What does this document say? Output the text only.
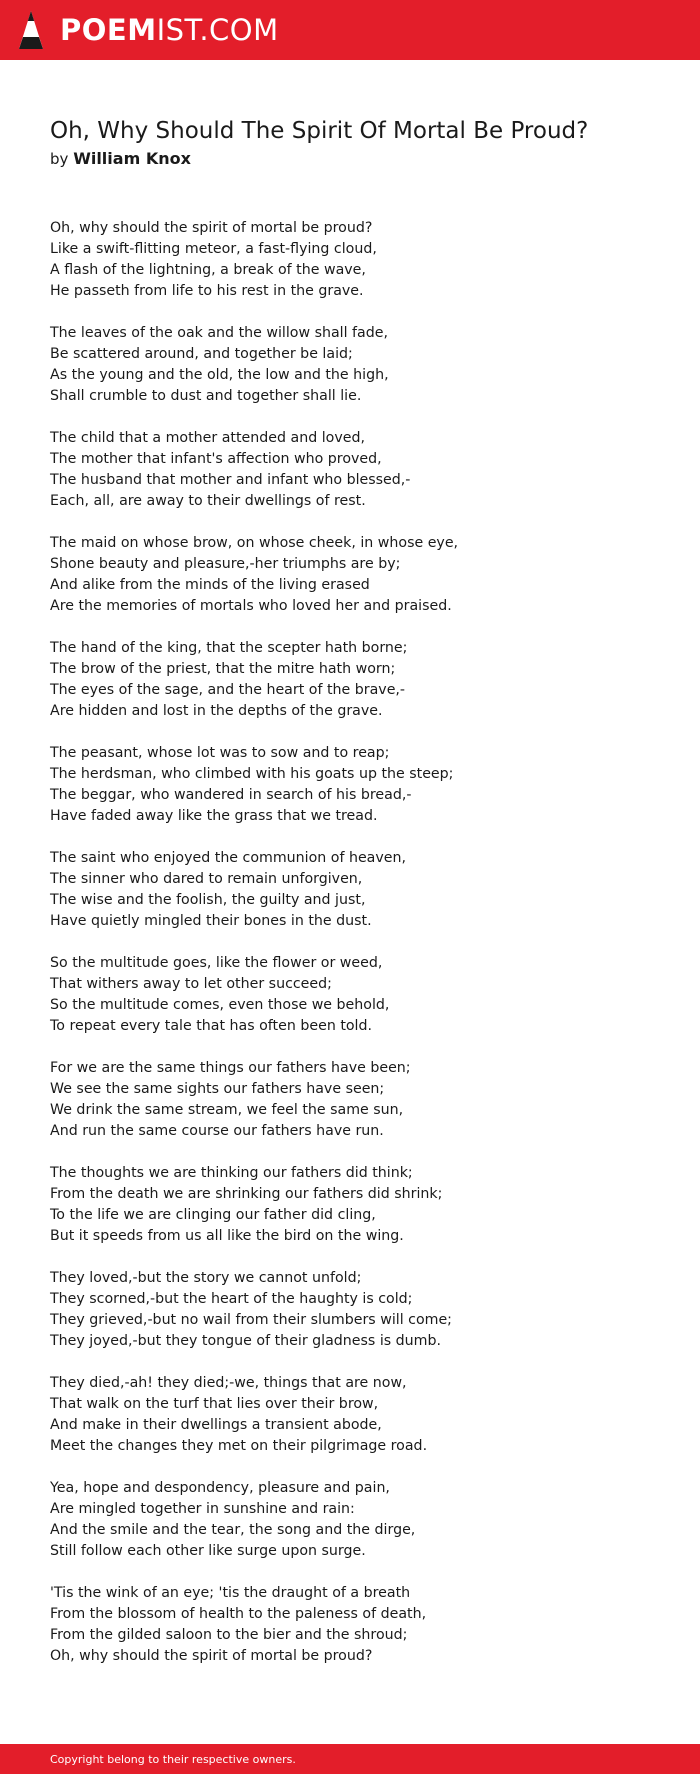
POEMIST.COM
Oh, Why Should The Spirit Of Mortal Be Proud?
by William Knox
Oh, why should the spirit of mortal be proud?
Like a swift-flitting meteor, a fast-flying cloud,
A flash of the lightning, a break of the wave,
He passeth from life to his rest in the grave.
The leaves of the oak and the willow shall fade,
Be scattered around, and together be laid;
As the young and the old, the low and the high,
Shall crumble to dust and together shall lie.
The child that a mother attended and loved,
The mother that infant's affection who proved,
The husband that mother and infant who blessed,-
Each, all, are away to their dwellings of rest.
The maid on whose brow, on whose cheek, in whose eye,
Shone beauty and pleasure,-her triumphs are by;
And alike from the minds of the living erased
Are the memories of mortals who loved her and praised.
The hand of the king, that the scepter hath borne;
The brow of the priest, that the mitre hath worn;
The eyes of the sage, and the heart of the brave,-
Are hidden and lost in the depths of the grave.
The peasant, whose lot was to sow and to reap;
The herdsman, who climbed with his goats up the steep;
The beggar, who wandered in search of his bread,-
Have faded away like the grass that we tread.
The saint who enjoyed the communion of heaven,
The sinner who dared to remain unforgiven,
The wise and the foolish, the guilty and just,
Have quietly mingled their bones in the dust.
So the multitude goes, like the flower or weed,
That withers away to let other succeed;
So the multitude comes, even those we behold,
To repeat every tale that has often been told.
For we are the same things our fathers have been;
We see the same sights our fathers have seen;
We drink the same stream, we feel the same sun,
And run the same course our fathers have run.
The thoughts we are thinking our fathers did think;
From the death we are shrinking our fathers did shrink;
To the life we are clinging our father did cling,
But it speeds from us all like the bird on the wing.
They loved,-but the story we cannot unfold;
They scorned,-but the heart of the haughty is cold;
They grieved,-but no wail from their slumbers will come;
They joyed,-but they tongue of their gladness is dumb.
They died,-ah! they died;-we, things that are now,
That walk on the turf that lies over their brow,
And make in their dwellings a transient abode,
Meet the changes they met on their pilgrimage road.
Yea, hope and despondency, pleasure and pain,
Are mingled together in sunshine and rain:
And the smile and the tear, the song and the dirge,
Still follow each other like surge upon surge.
'Tis the wink of an eye; 'tis the draught of a breath
From the blossom of health to the paleness of death,
From the gilded saloon to the bier and the shroud;
Oh, why should the spirit of mortal be proud?
Copyright belong to their respective owners.
